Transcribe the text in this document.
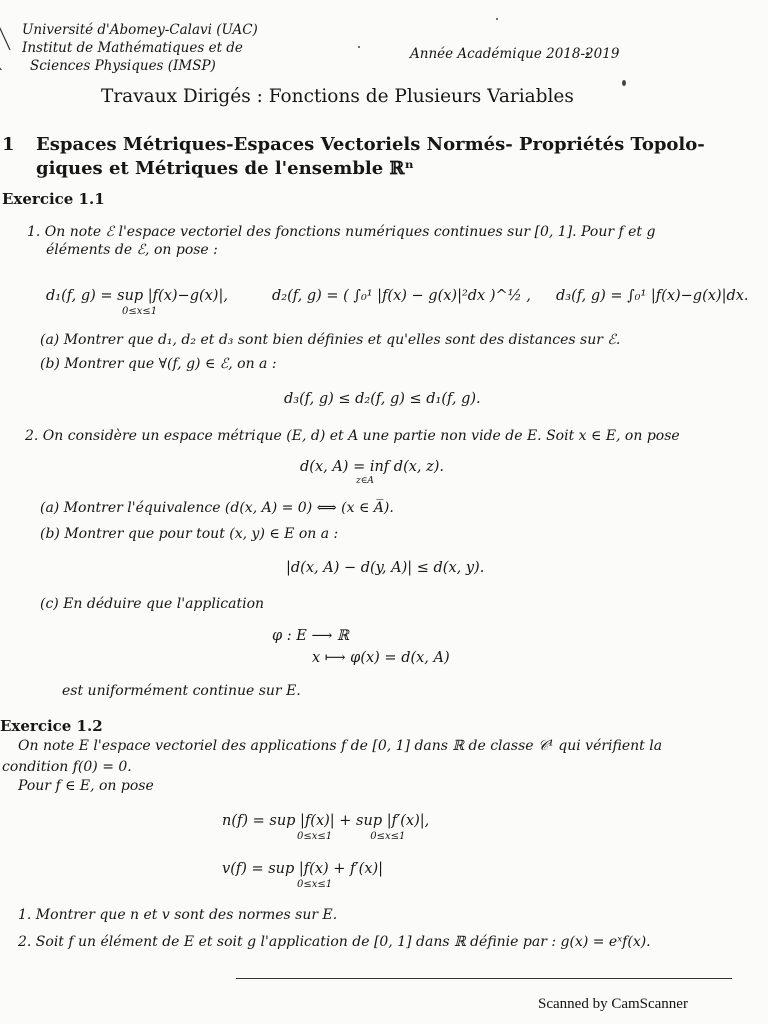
Université d'Abomey-Calavi (UAC)
Institut de Mathématiques et de
Sciences Physiques (IMSP)
Année Académique 2018-2019
Travaux Dirigés : Fonctions de Plusieurs Variables
1 Espaces Métriques-Espaces Vectoriels Normés- Propriétés Topolo-
giques et Métriques de l'ensemble ℝⁿ
Exercice 1.1
1. On note ℰ l'espace vectoriel des fonctions numériques continues sur [0, 1]. Pour f et g
éléments de ℰ, on pose :
d₁(f, g) = sup |f(x)−g(x)|,
0≤x≤1
d₂(f, g) = ( ∫₀¹ |f(x) − g(x)|²dx )^½ , d₃(f, g) = ∫₀¹ |f(x)−g(x)|dx.
(a) Montrer que d₁, d₂ et d₃ sont bien définies et qu'elles sont des distances sur ℰ.
(b) Montrer que ∀(f, g) ∈ ℰ, on a :
d₃(f, g) ≤ d₂(f, g) ≤ d₁(f, g).
2. On considère un espace métrique (E, d) et A une partie non vide de E. Soit x ∈ E, on pose
d(x, A) = inf d(x, z).
z∈A
(a) Montrer l'équivalence (d(x, A) = 0) ⟺ (x ∈ A̅).
(b) Montrer que pour tout (x, y) ∈ E on a :
|d(x, A) − d(y, A)| ≤ d(x, y).
(c) En déduire que l'application
φ : E ⟶ ℝ
x ⟼ φ(x) = d(x, A)
est uniformément continue sur E.
Exercice 1.2
On note E l'espace vectoriel des applications f de [0, 1] dans ℝ de classe 𝒞¹ qui vérifient la
condition f(0) = 0.
Pour f ∈ E, on pose
n(f) = sup |f(x)| + sup |f′(x)|,
0≤x≤1            0≤x≤1
v(f) = sup |f(x) + f′(x)|
0≤x≤1
1. Montrer que n et v sont des normes sur E.
2. Soit f un élément de E et soit g l'application de [0, 1] dans ℝ définie par : g(x) = eˣf(x).
Scanned by CamScanner
